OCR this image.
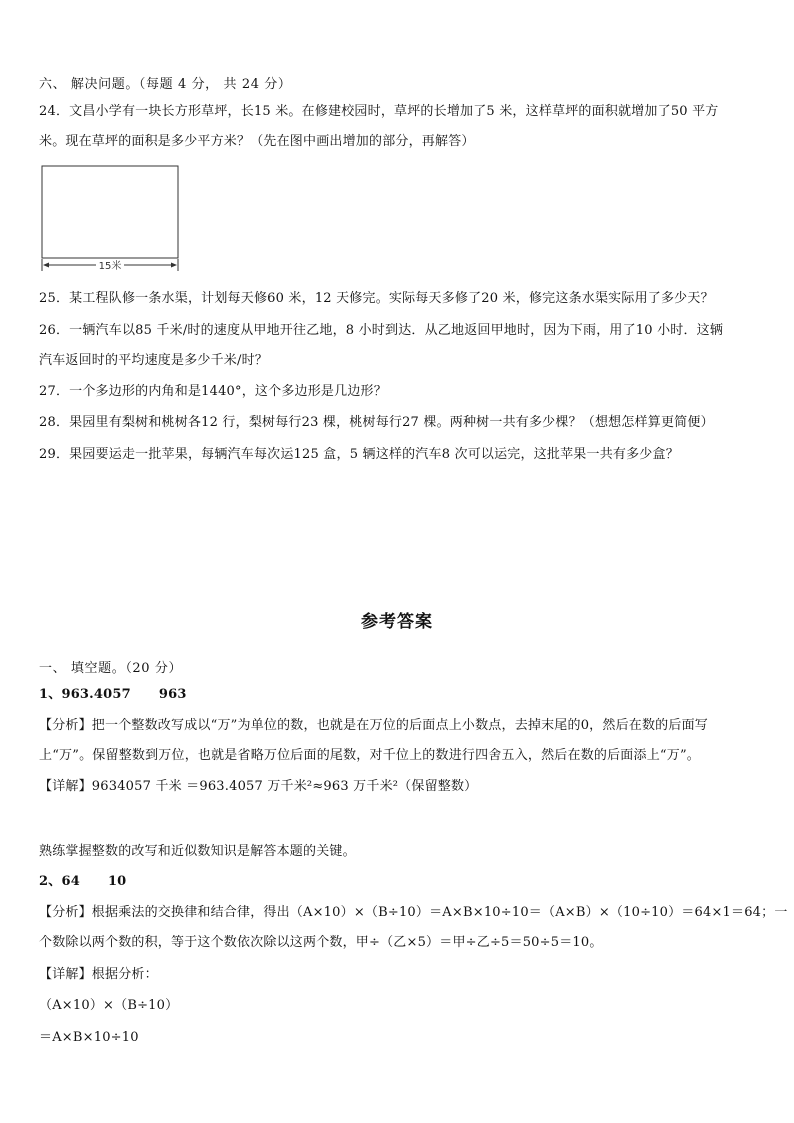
六、 解决问题。（每题 4 分， 共 24 分）
24．文昌小学有一块长方形草坪，长15 米。在修建校园时，草坪的长增加了5 米，这样草坪的面积就增加了50 平方
米。现在草坪的面积是多少平方米？（先在图中画出增加的部分，再解答）
15米
25．某工程队修一条水渠，计划每天修60 米，12 天修完。实际每天多修了20 米，修完这条水渠实际用了多少天？
26．一辆汽车以85 千米/时的速度从甲地开往乙地，8 小时到达．从乙地返回甲地时，因为下雨，用了10 小时．这辆
汽车返回时的平均速度是多少千米/时？
27．一个多边形的内角和是1440°，这个多边形是几边形？
28．果园里有梨树和桃树各12 行，梨树每行23 棵，桃树每行27 棵。两种树一共有多少棵？（想想怎样算更简便）
29．果园要运走一批苹果，每辆汽车每次运125 盒，5 辆这样的汽车8 次可以运完，这批苹果一共有多少盒？
参考答案
一、 填空题。（20 分）
1、963.4057 963
【分析】把一个整数改写成以“万”为单位的数，也就是在万位的后面点上小数点，去掉末尾的0，然后在数的后面写
上“万”。保留整数到万位，也就是省略万位后面的尾数，对千位上的数进行四舍五入，然后在数的后面添上“万”。
【详解】9634057 千米 ＝963.4057 万千米²≈963 万千米²（保留整数）
熟练掌握整数的改写和近似数知识是解答本题的关键。
2、64 10
【分析】根据乘法的交换律和结合律，得出（A×10）×（B÷10）＝A×B×10÷10＝（A×B）×（10÷10）＝64×1＝64；一
个数除以两个数的积，等于这个数依次除以这两个数，甲÷（乙×5）＝甲÷乙÷5＝50÷5＝10。
【详解】根据分析：
（A×10）×（B÷10）
＝A×B×10÷10
